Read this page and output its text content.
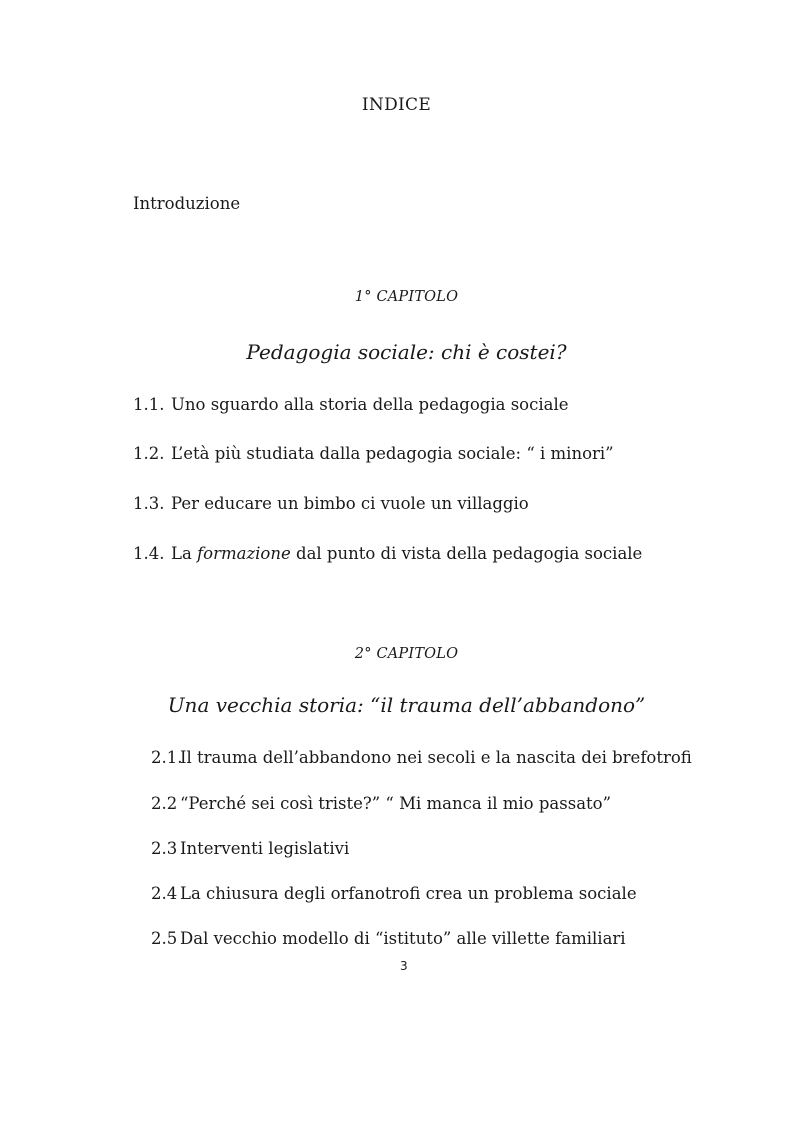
INDICE
Introduzione
1° CAPITOLO
Pedagogia sociale: chi è costei?
1.1. Uno sguardo alla storia della pedagogia sociale
1.2. L’età più studiata dalla pedagogia sociale: “ i minori”
1.3. Per educare un bimbo ci vuole un villaggio
1.4. La formazione dal punto di vista della pedagogia sociale
2° CAPITOLO
Una vecchia storia: “il trauma dell’abbandono”
2.1.Il trauma dell’abbandono nei secoli e la nascita dei brefotrofi
2.2 “Perché sei così triste?” “ Mi manca il mio passato”
2.3 Interventi legislativi
2.4 La chiusura degli orfanotrofi crea un problema sociale
2.5 Dal vecchio modello di “istituto” alle villette familiari
3
